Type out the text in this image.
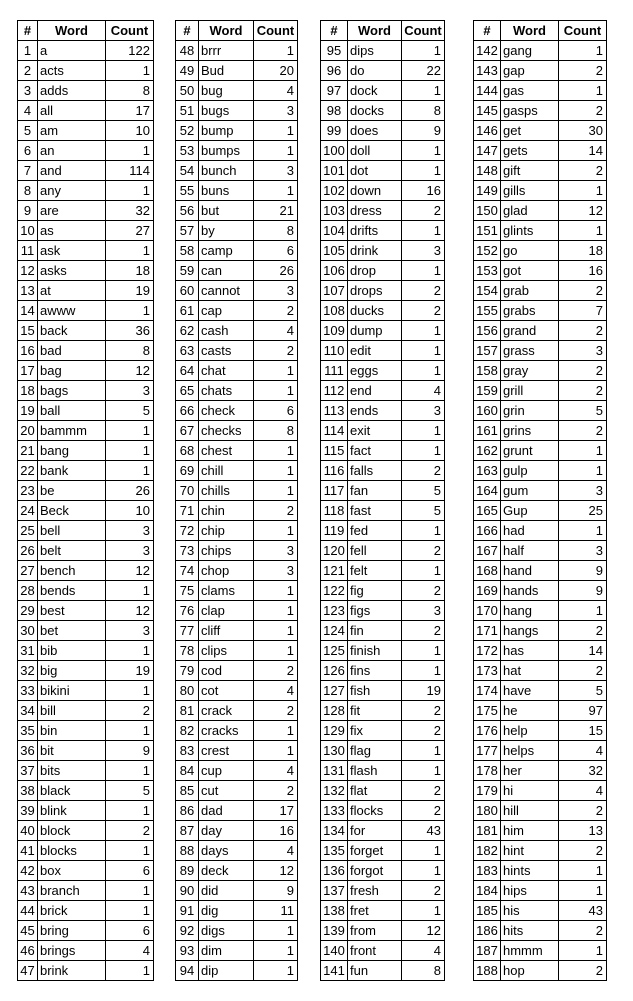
#	Word	Count
1	a	122
2	acts	1
3	adds	8
4	all	17
5	am	10
6	an	1
7	and	114
8	any	1
9	are	32
10	as	27
11	ask	1
12	asks	18
13	at	19
14	awww	1
15	back	36
16	bad	8
17	bag	12
18	bags	3
19	ball	5
20	bammm	1
21	bang	1
22	bank	1
23	be	26
24	Beck	10
25	bell	3
26	belt	3
27	bench	12
28	bends	1
29	best	12
30	bet	3
31	bib	1
32	big	19
33	bikini	1
34	bill	2
35	bin	1
36	bit	9
37	bits	1
38	black	5
39	blink	1
40	block	2
41	blocks	1
42	box	6
43	branch	1
44	brick	1
45	bring	6
46	brings	4
47	brink	1
#	Word	Count
48	brrr	1
49	Bud	20
50	bug	4
51	bugs	3
52	bump	1
53	bumps	1
54	bunch	3
55	buns	1
56	but	21
57	by	8
58	camp	6
59	can	26
60	cannot	3
61	cap	2
62	cash	4
63	casts	2
64	chat	1
65	chats	1
66	check	6
67	checks	8
68	chest	1
69	chill	1
70	chills	1
71	chin	2
72	chip	1
73	chips	3
74	chop	3
75	clams	1
76	clap	1
77	cliff	1
78	clips	1
79	cod	2
80	cot	4
81	crack	2
82	cracks	1
83	crest	1
84	cup	4
85	cut	2
86	dad	17
87	day	16
88	days	4
89	deck	12
90	did	9
91	dig	11
92	digs	1
93	dim	1
94	dip	1
#	Word	Count
95	dips	1
96	do	22
97	dock	1
98	docks	8
99	does	9
100	doll	1
101	dot	1
102	down	16
103	dress	2
104	drifts	1
105	drink	3
106	drop	1
107	drops	2
108	ducks	2
109	dump	1
110	edit	1
111	eggs	1
112	end	4
113	ends	3
114	exit	1
115	fact	1
116	falls	2
117	fan	5
118	fast	5
119	fed	1
120	fell	2
121	felt	1
122	fig	2
123	figs	3
124	fin	2
125	finish	1
126	fins	1
127	fish	19
128	fit	2
129	fix	2
130	flag	1
131	flash	1
132	flat	2
133	flocks	2
134	for	43
135	forget	1
136	forgot	1
137	fresh	2
138	fret	1
139	from	12
140	front	4
141	fun	8
#	Word	Count
142	gang	1
143	gap	2
144	gas	1
145	gasps	2
146	get	30
147	gets	14
148	gift	2
149	gills	1
150	glad	12
151	glints	1
152	go	18
153	got	16
154	grab	2
155	grabs	7
156	grand	2
157	grass	3
158	gray	2
159	grill	2
160	grin	5
161	grins	2
162	grunt	1
163	gulp	1
164	gum	3
165	Gup	25
166	had	1
167	half	3
168	hand	9
169	hands	9
170	hang	1
171	hangs	2
172	has	14
173	hat	2
174	have	5
175	he	97
176	help	15
177	helps	4
178	her	32
179	hi	4
180	hill	2
181	him	13
182	hint	2
183	hints	1
184	hips	1
185	his	43
186	hits	2
187	hmmm	1
188	hop	2
